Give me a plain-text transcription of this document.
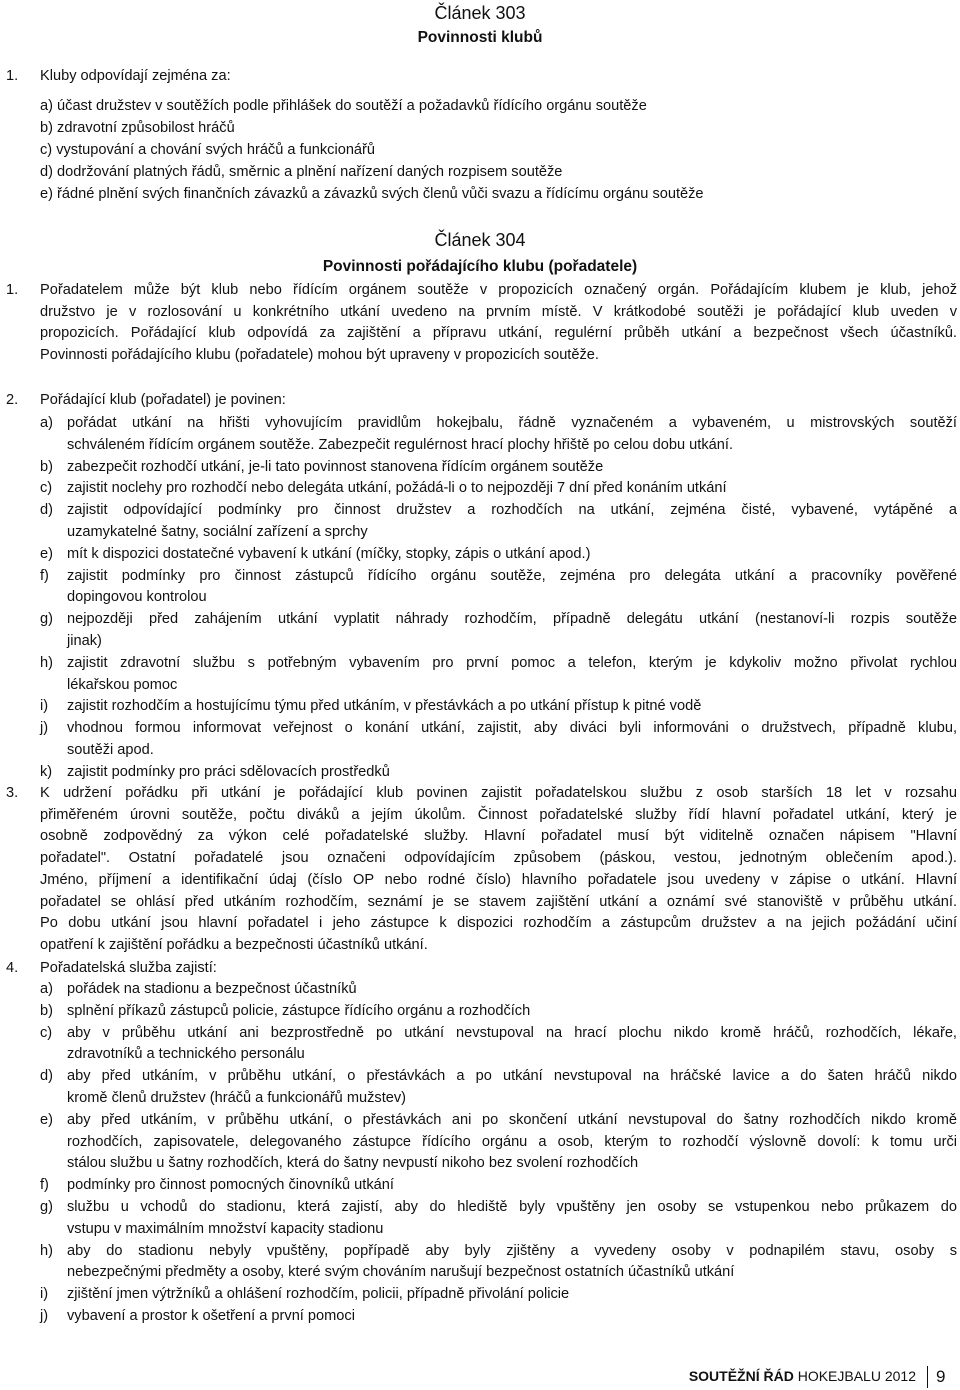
Článek 303
Povinnosti klubů
1. Kluby odpovídají zejména za:
a) účast družstev v soutěžích podle přihlášek do soutěží a požadavků řídícího orgánu soutěže
b) zdravotní způsobilost hráčů
c) vystupování a chování svých hráčů a funkcionářů
d) dodržování platných řádů, směrnic a plnění nařízení daných rozpisem soutěže
e) řádné plnění svých finančních závazků a závazků svých členů vůči svazu a řídícímu orgánu soutěže
Článek 304
Povinnosti pořádajícího klubu (pořadatele)
1. Pořadatelem může být klub nebo řídícím orgánem soutěže v propozicích označený orgán. Pořádajícím klubem je klub, jehož
družstvo je v rozlosování u konkrétního utkání uvedeno na prvním místě. V krátkodobé soutěži je pořádající klub uveden v
propozicích. Pořádající klub odpovídá za zajištění a přípravu utkání, regulérní průběh utkání a bezpečnost všech účastníků.
Povinnosti pořádajícího klubu (pořadatele) mohou být upraveny v propozicích soutěže.
2. Pořádající klub (pořadatel) je povinen:
a) pořádat utkání na hřišti vyhovujícím pravidlům hokejbalu, řádně vyznačeném a vybaveném, u mistrovských soutěží
schváleném řídícím orgánem soutěže. Zabezpečit regulérnost hrací plochy hřiště po celou dobu utkání.
b) zabezpečit rozhodčí utkání, je-li tato povinnost stanovena řídícím orgánem soutěže
c) zajistit noclehy pro rozhodčí nebo delegáta utkání, požádá-li o to nejpozději 7 dní před konáním utkání
d) zajistit odpovídající podmínky pro činnost družstev a rozhodčích na utkání, zejména čisté, vybavené, vytápěné a
uzamykatelné šatny, sociální zařízení a sprchy
e) mít k dispozici dostatečné vybavení k utkání (míčky, stopky, zápis o utkání apod.)
f) zajistit podmínky pro činnost zástupců řídícího orgánu soutěže, zejména pro delegáta utkání a pracovníky pověřené
dopingovou kontrolou
g) nejpozději před zahájením utkání vyplatit náhrady rozhodčím, případně delegátu utkání (nestanoví-li rozpis soutěže
jinak)
h) zajistit zdravotní službu s potřebným vybavením pro první pomoc a telefon, kterým je kdykoliv možno přivolat rychlou
lékařskou pomoc
i) zajistit rozhodčím a hostujícímu týmu před utkáním, v přestávkách a po utkání přístup k pitné vodě
j) vhodnou formou informovat veřejnost o konání utkání, zajistit, aby diváci byli informováni o družstvech, případně klubu,
soutěži apod.
k) zajistit podmínky pro práci sdělovacích prostředků
3. K udržení pořádku při utkání je pořádající klub povinen zajistit pořadatelskou službu z osob starších 18 let v rozsahu
přiměřeném úrovni soutěže, počtu diváků a jejím úkolům. Činnost pořadatelské služby řídí hlavní pořadatel utkání, který je
osobně zodpovědný za výkon celé pořadatelské služby. Hlavní pořadatel musí být viditelně označen nápisem "Hlavní
pořadatel". Ostatní pořadatelé jsou označeni odpovídajícím způsobem (páskou, vestou, jednotným oblečením apod.).
Jméno, příjmení a identifikační údaj (číslo OP nebo rodné číslo) hlavního pořadatele jsou uvedeny v zápise o utkání. Hlavní
pořadatel se ohlásí před utkáním rozhodčím, seznámí je se stavem zajištění utkání a oznámí své stanoviště v průběhu utkání.
Po dobu utkání jsou hlavní pořadatel i jeho zástupce k dispozici rozhodčím a zástupcům družstev a na jejich požádání učiní
opatření k zajištění pořádku a bezpečnosti účastníků utkání.
4. Pořadatelská služba zajistí:
a) pořádek na stadionu a bezpečnost účastníků
b) splnění příkazů zástupců policie, zástupce řídícího orgánu a rozhodčích
c) aby v průběhu utkání ani bezprostředně po utkání nevstupoval na hrací plochu nikdo kromě hráčů, rozhodčích, lékaře,
zdravotníků a technického personálu
d) aby před utkáním, v průběhu utkání, o přestávkách a po utkání nevstupoval na hráčské lavice a do šaten hráčů nikdo
kromě členů družstev (hráčů a funkcionářů mužstev)
e) aby před utkáním, v průběhu utkání, o přestávkách ani po skončení utkání nevstupoval do šatny rozhodčích nikdo kromě
rozhodčích, zapisovatele, delegovaného zástupce řídícího orgánu a osob, kterým to rozhodčí výslovně dovolí: k tomu urči
stálou službu u šatny rozhodčích, která do šatny nevpustí nikoho bez svolení rozhodčích
f) podmínky pro činnost pomocných činovníků utkání
g) službu u vchodů do stadionu, která zajistí, aby do hlediště byly vpuštěny jen osoby se vstupenkou nebo průkazem do
vstupu v maximálním množství kapacity stadionu
h) aby do stadionu nebyly vpuštěny, popřípadě aby byly zjištěny a vyvedeny osoby v podnapilém stavu, osoby s
nebezpečnými předměty a osoby, které svým chováním narušují bezpečnost ostatních účastníků utkání
i) zjištění jmen výtržníků a ohlášení rozhodčím, policii, případně přivolání policie
j) vybavení a prostor k ošetření a první pomoci
SOUTĚŽNÍ ŘÁD HOKEJBALU 2012 9
